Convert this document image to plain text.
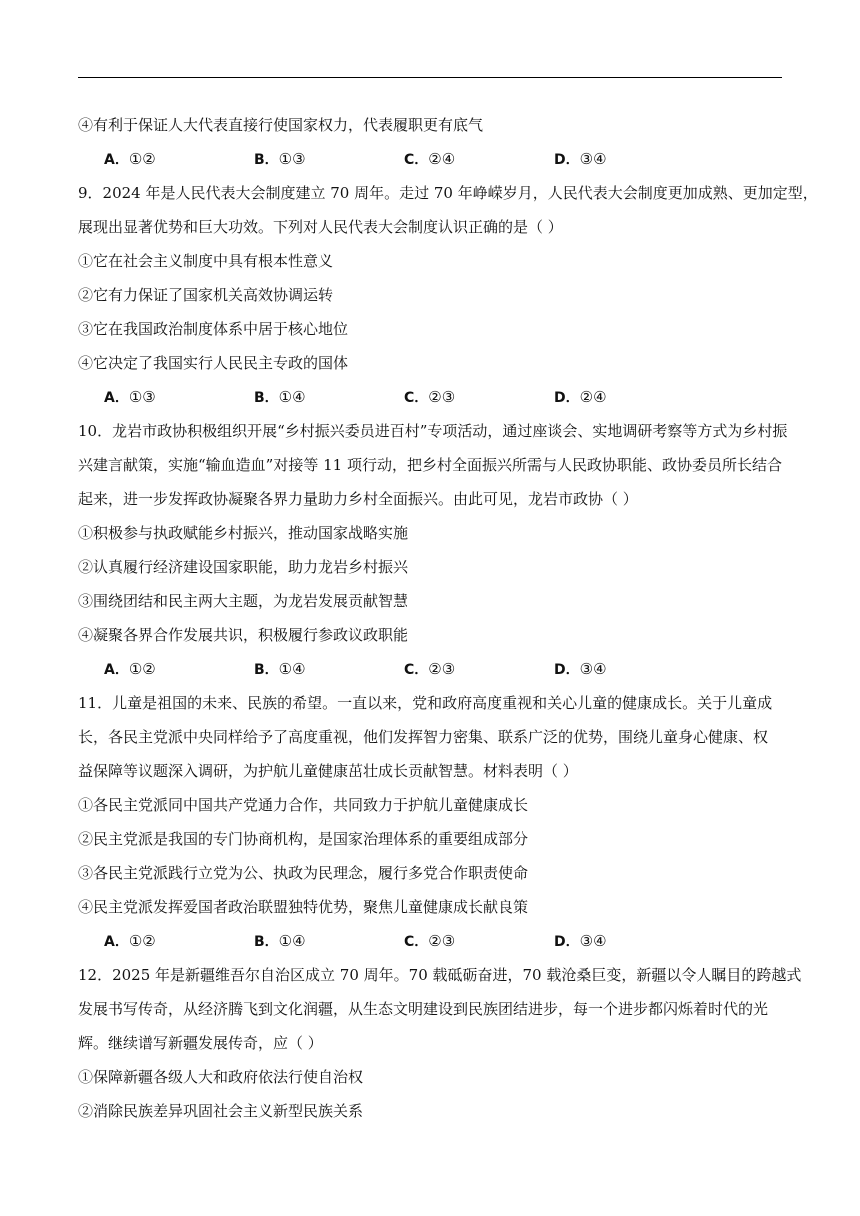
④有利于保证人大代表直接行使国家权力，代表履职更有底气

A．①②	B．①③	C．②④	D．③④

9．2024 年是人民代表大会制度建立 70 周年。走过 70 年峥嵘岁月，人民代表大会制度更加成熟、更加定型，

展现出显著优势和巨大功效。下列对人民代表大会制度认识正确的是（ ）

①它在社会主义制度中具有根本性意义

②它有力保证了国家机关高效协调运转

③它在我国政治制度体系中居于核心地位

④它决定了我国实行人民民主专政的国体

A．①③	B．①④	C．②③	D．②④

10．龙岩市政协积极组织开展“乡村振兴委员进百村”专项活动，通过座谈会、实地调研考察等方式为乡村振

兴建言献策，实施“输血造血”对接等 11 项行动，把乡村全面振兴所需与人民政协职能、政协委员所长结合

起来，进一步发挥政协凝聚各界力量助力乡村全面振兴。由此可见，龙岩市政协（ ）

①积极参与执政赋能乡村振兴，推动国家战略实施

②认真履行经济建设国家职能，助力龙岩乡村振兴

③围绕团结和民主两大主题，为龙岩发展贡献智慧

④凝聚各界合作发展共识，积极履行参政议政职能

A．①②	B．①④	C．②③	D．③④

11．儿童是祖国的未来、民族的希望。一直以来，党和政府高度重视和关心儿童的健康成长。关于儿童成

长，各民主党派中央同样给予了高度重视，他们发挥智力密集、联系广泛的优势，围绕儿童身心健康、权

益保障等议题深入调研，为护航儿童健康茁壮成长贡献智慧。材料表明（ ）

①各民主党派同中国共产党通力合作，共同致力于护航儿童健康成长

②民主党派是我国的专门协商机构，是国家治理体系的重要组成部分

③各民主党派践行立党为公、执政为民理念，履行多党合作职责使命

④民主党派发挥爱国者政治联盟独特优势，聚焦儿童健康成长献良策

A．①②	B．①④	C．②③	D．③④

12．2025 年是新疆维吾尔自治区成立 70 周年。70 载砥砺奋进，70 载沧桑巨变，新疆以令人瞩目的跨越式

发展书写传奇，从经济腾飞到文化润疆，从生态文明建设到民族团结进步，每一个进步都闪烁着时代的光

辉。继续谱写新疆发展传奇，应（ ）

①保障新疆各级人大和政府依法行使自治权

②消除民族差异巩固社会主义新型民族关系
